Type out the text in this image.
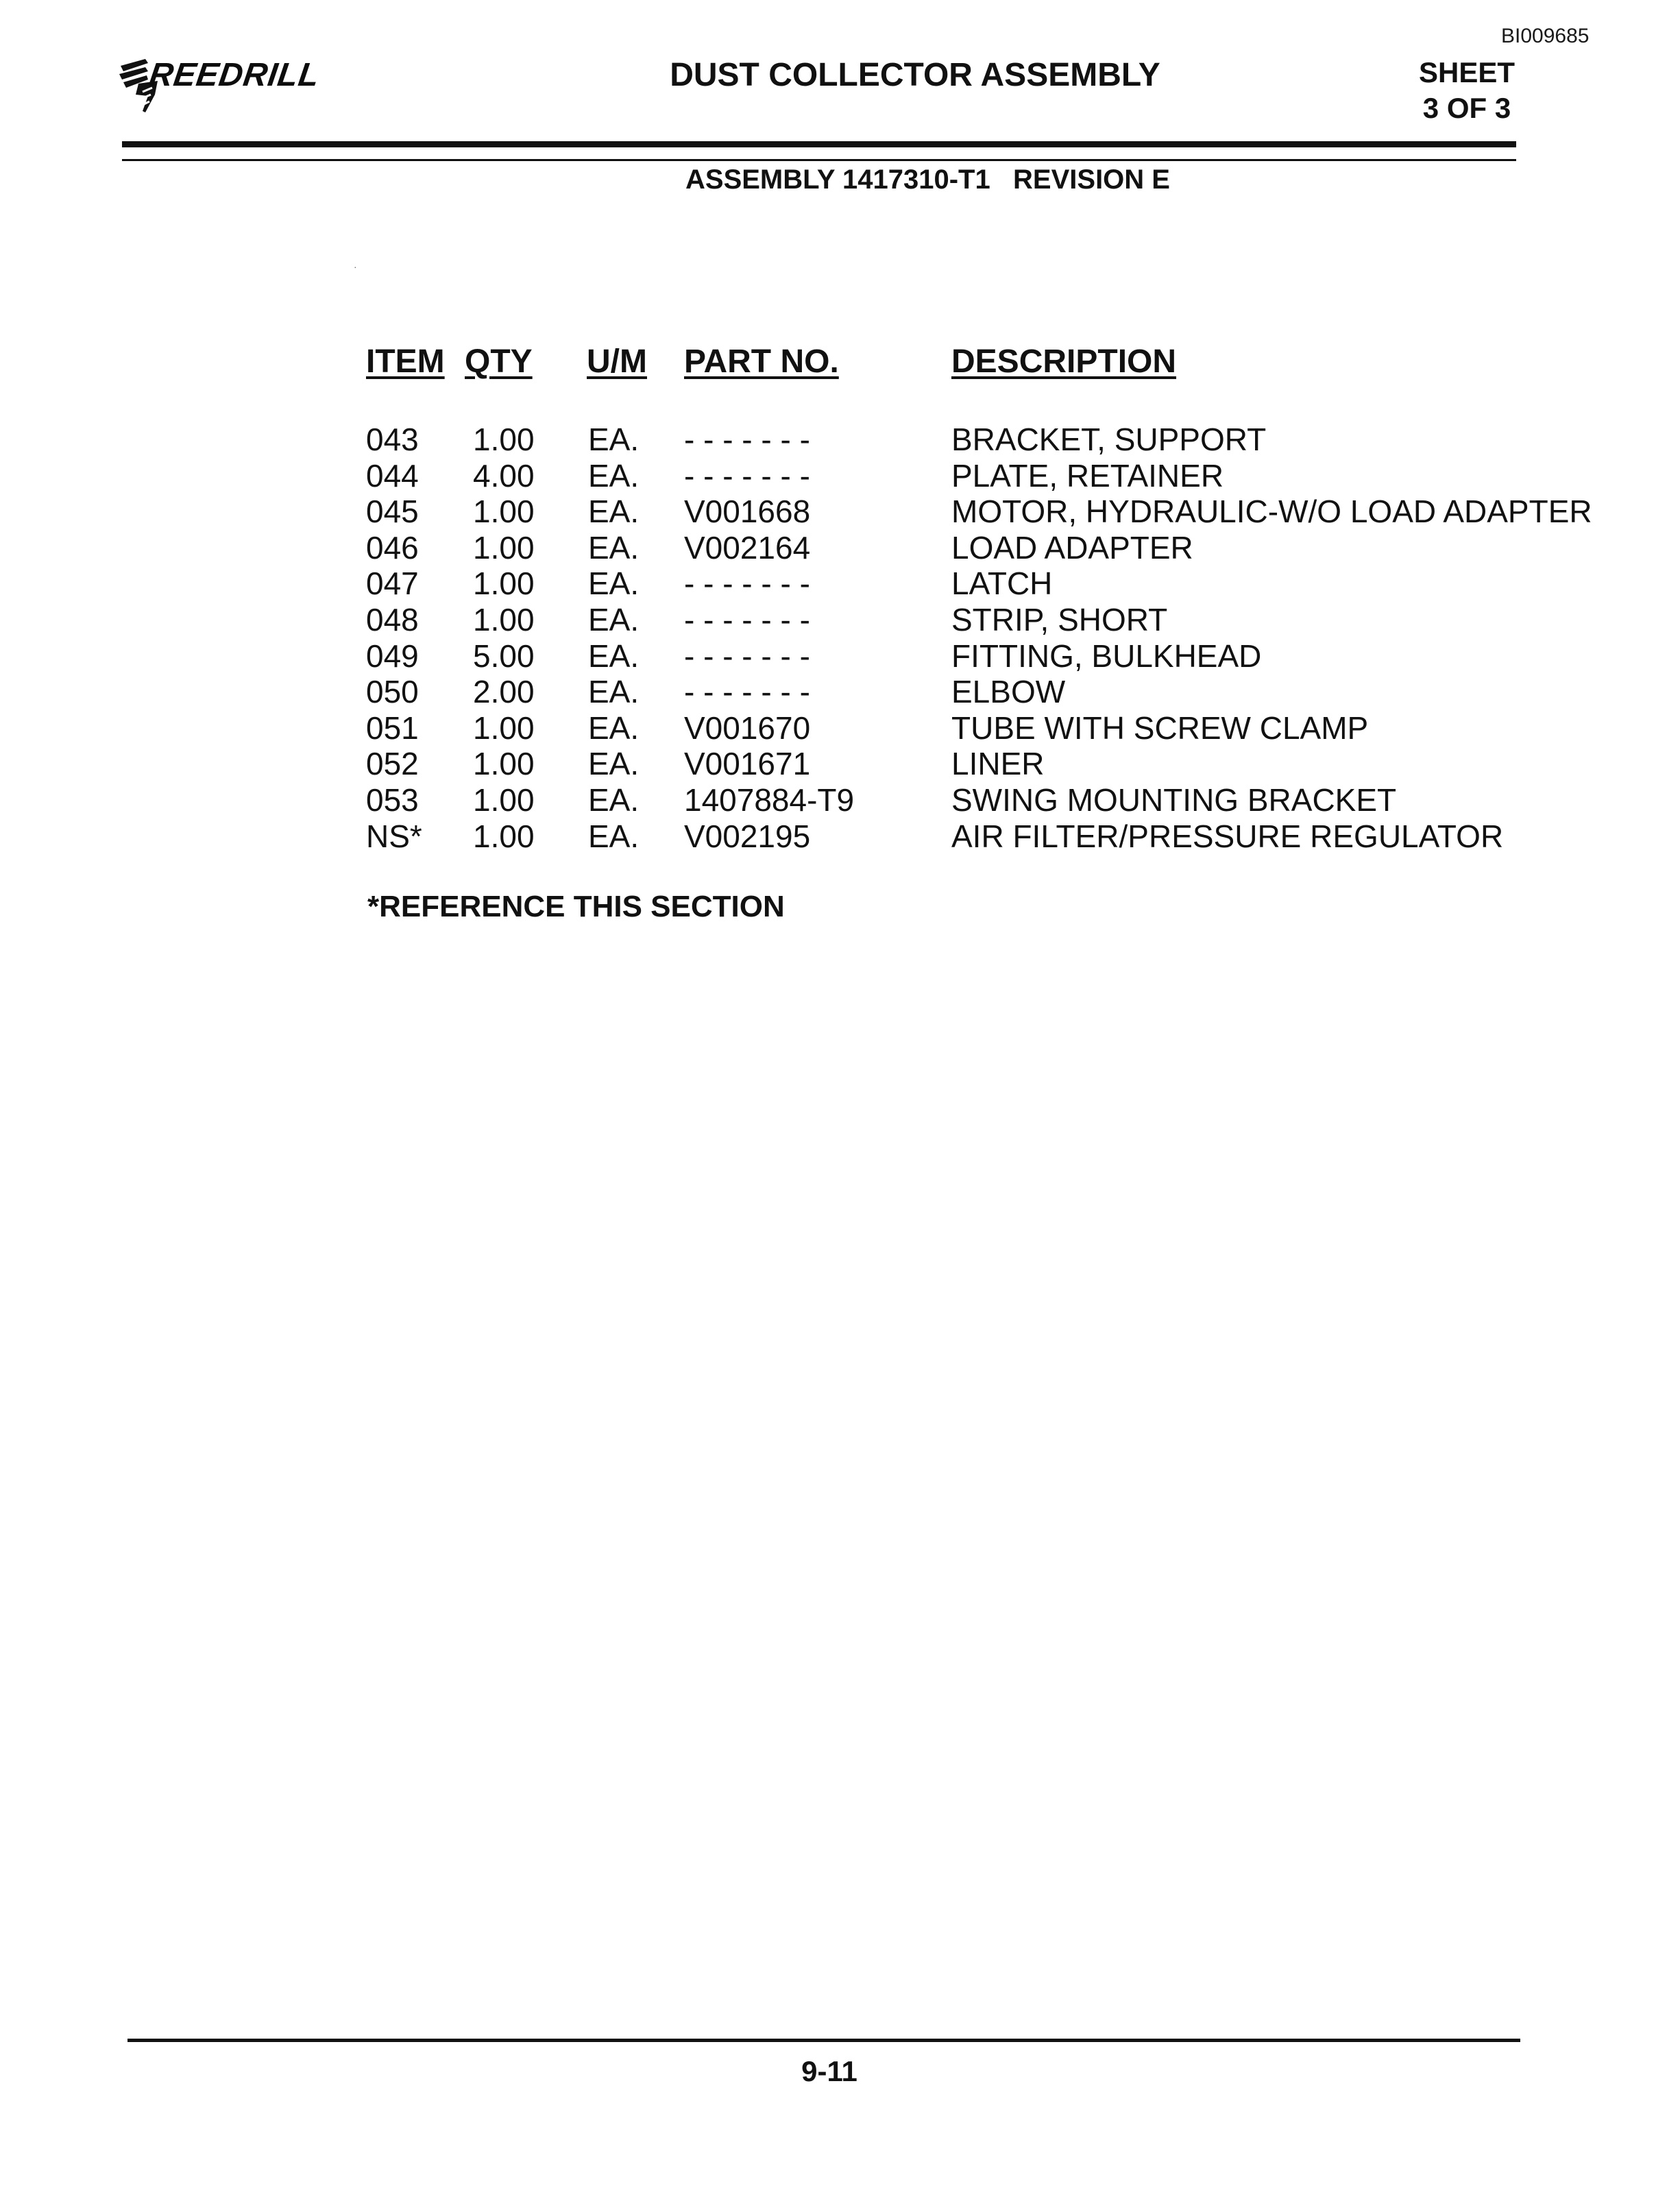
BI009685
REEDRILL	DUST COLLECTOR ASSEMBLY	SHEET
3 OF 3
ASSEMBLY 1417310-T1   REVISION E
·
ITEM QTY U/M PART NO.	DESCRIPTION
043 1.00 EA. - - - - - - -	BRACKET, SUPPORT
044 4.00 EA. - - - - - - -	PLATE, RETAINER
045 1.00 EA. V001668	MOTOR, HYDRAULIC-W/O LOAD ADAPTER
046 1.00 EA. V002164	LOAD ADAPTER
047 1.00 EA. - - - - - - -	LATCH
048 1.00 EA. - - - - - - -	STRIP, SHORT
049 5.00 EA. - - - - - - -	FITTING, BULKHEAD
050 2.00 EA. - - - - - - -	ELBOW
051 1.00 EA. V001670	TUBE WITH SCREW CLAMP
052 1.00 EA. V001671	LINER
053 1.00 EA. 1407884-T9	SWING MOUNTING BRACKET
NS* 1.00 EA. V002195	AIR FILTER/PRESSURE REGULATOR
*REFERENCE THIS SECTION
9-11
